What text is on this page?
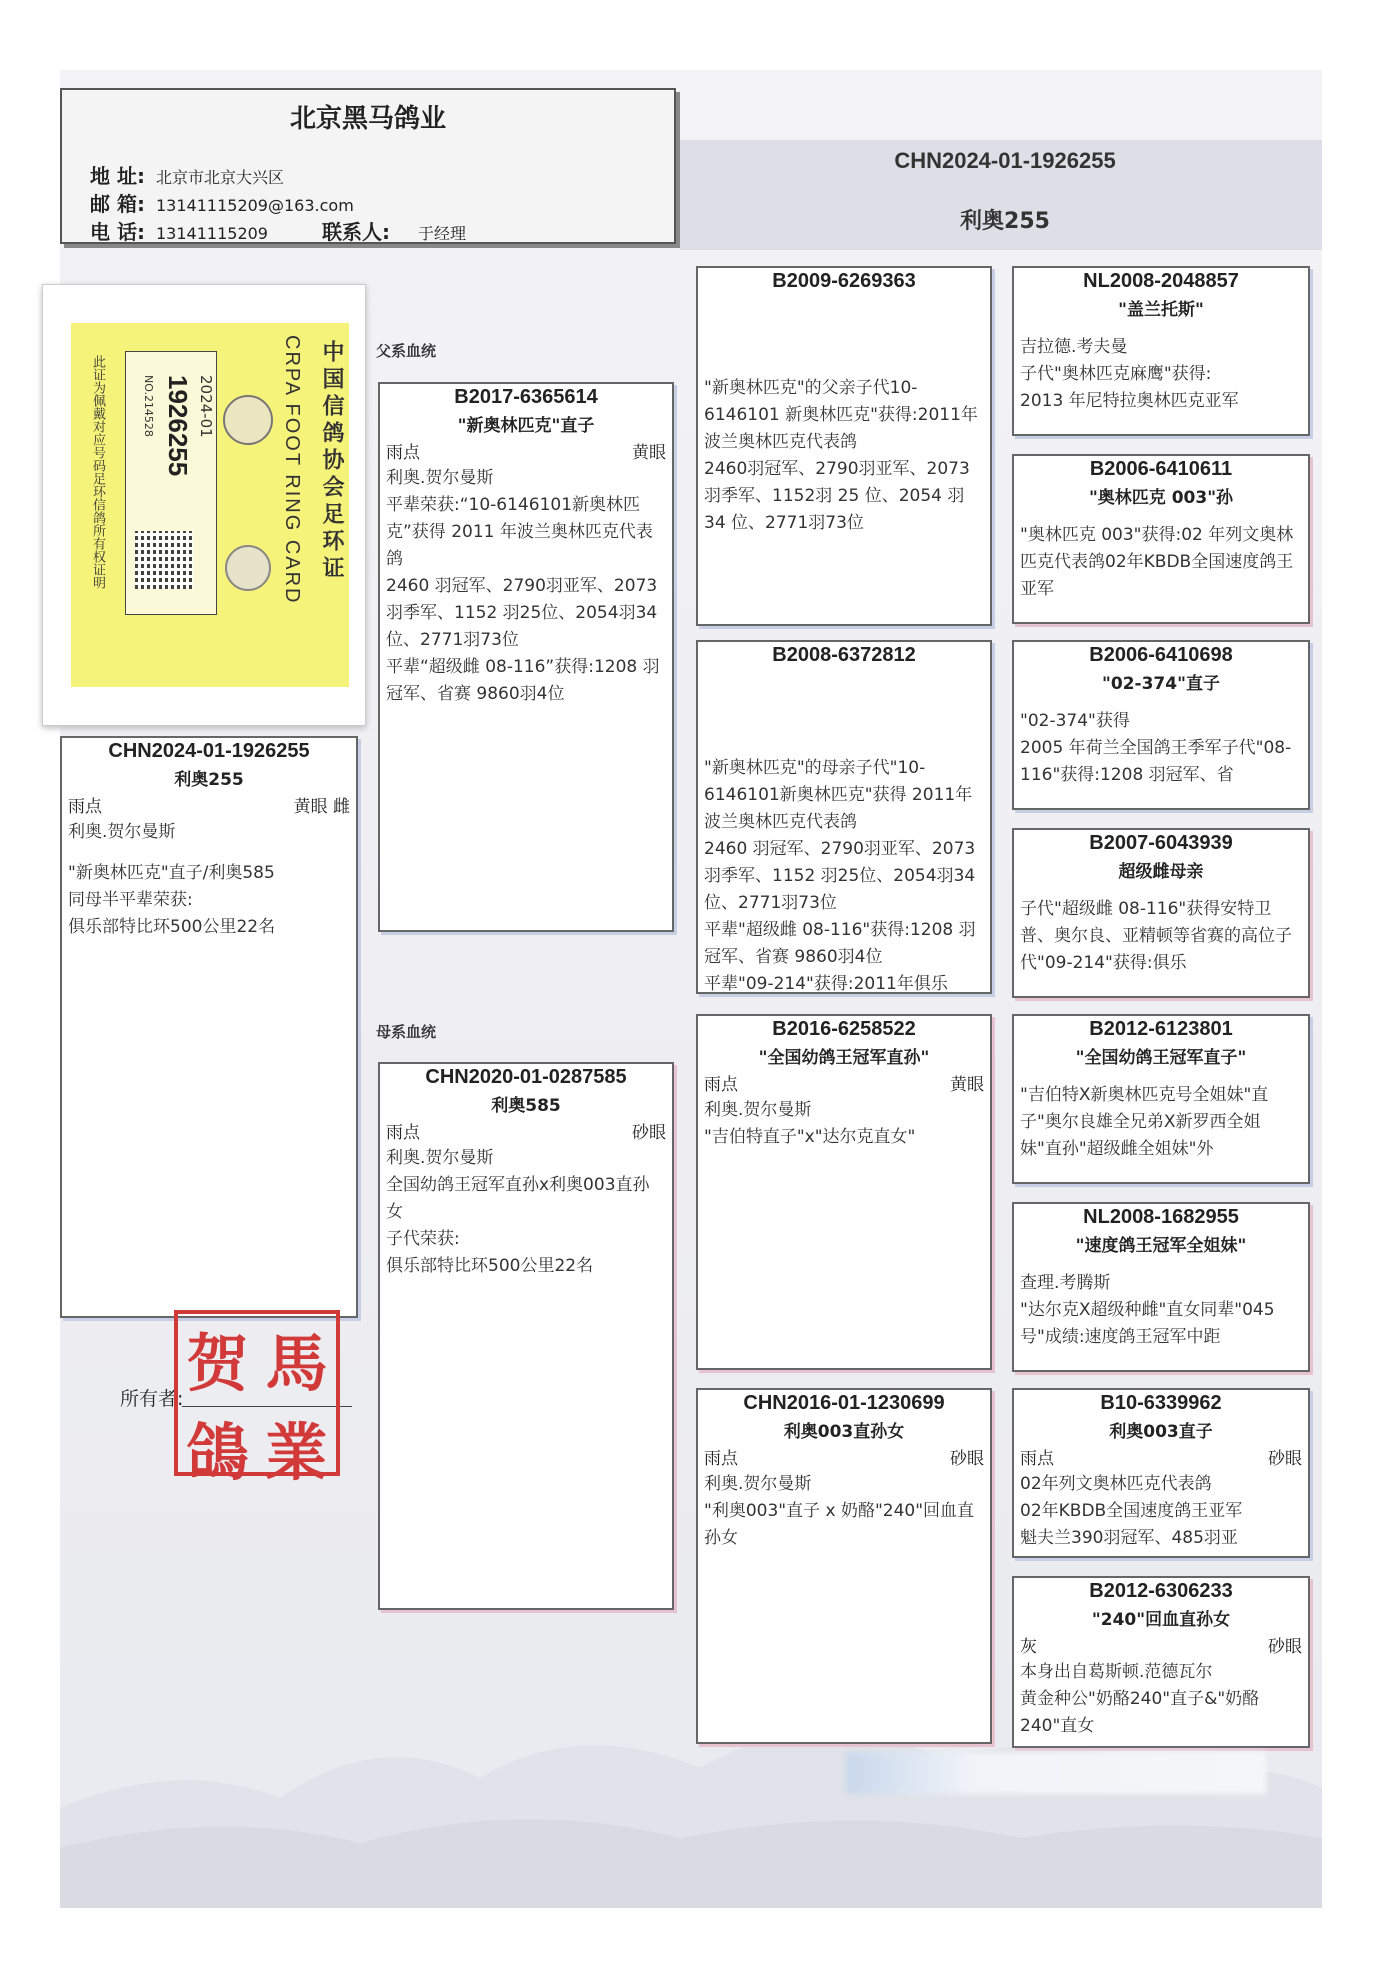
北京黑马鸽业
地 址: 北京市北京大兴区
邮 箱: 13141115209@163.com
电 话: 13141115209	联系人:	于经理
CHN2024-01-1926255
利奥255
中国信鸽协会足环证
CRPA FOOT RING CARD
此证为佩戴对应号码足环信鸽所有权证明	2024-01
1926255
NO.214528
父系血统
母系血统
CHN2024-01-1926255
利奥255
雨点	黄眼 雌
利奥.贺尔曼斯
"新奥林匹克"直子/利奥585
同母半平辈荣获:
俱乐部特比环500公里22名
B2017-6365614
"新奥林匹克"直子
雨点	黄眼
利奥.贺尔曼斯
平辈荣获:“10-6146101新奥林匹克”获得 2011 年波兰奥林匹克代表鸽
2460 羽冠军、2790羽亚军、2073 羽季军、1152 羽25位、2054羽34位、2771羽73位
平辈“超级雌 08-116”获得:1208 羽冠军、省赛 9860羽4位
CHN2020-01-0287585
利奥585
雨点	砂眼
利奥.贺尔曼斯
全国幼鸽王冠军直孙x利奥003直孙女
子代荣获:
俱乐部特比环500公里22名
B2009-6269363
"新奥林匹克"的父亲子代10-6146101 新奥林匹克"获得:2011年波兰奥林匹克代表鸽
2460羽冠军、2790羽亚军、2073 羽季军、1152羽 25 位、2054 羽 34 位、2771羽73位
B2008-6372812
"新奥林匹克"的母亲子代"10-6146101新奥林匹克"获得 2011年波兰奥林匹克代表鸽
2460 羽冠军、2790羽亚军、2073 羽季军、1152 羽25位、2054羽34位、2771羽73位
平辈"超级雌 08-116"获得:1208 羽冠军、省赛 9860羽4位
平辈"09-214"获得:2011年俱乐
B2016-6258522
"全国幼鸽王冠军直孙"
雨点	黄眼
利奥.贺尔曼斯
"吉伯特直子"x"达尔克直女"
CHN2016-01-1230699
利奥003直孙女
雨点	砂眼
利奥.贺尔曼斯
"利奥003"直子 x 奶酪"240"回血直孙女
NL2008-2048857
"盖兰托斯"
吉拉德.考夫曼
子代"奥林匹克麻鹰"获得:
2013 年尼特拉奥林匹克亚军
B2006-6410611
"奥林匹克 003"孙
"奥林匹克 003"获得:02 年列文奥林匹克代表鸽02年KBDB全国速度鸽王亚军
B2006-6410698
"02-374"直子
"02-374"获得
2005 年荷兰全国鸽王季军子代"08-116"获得:1208 羽冠军、省
B2007-6043939
超级雌母亲
子代"超级雌 08-116"获得安特卫普、奥尔良、亚精顿等省赛的高位子代"09-214"获得:俱乐
B2012-6123801
"全国幼鸽王冠军直子"
"吉伯特X新奥林匹克号全姐妹"直子"奥尔良雄全兄弟X新罗西全姐妹"直孙"超级雌全姐妹"外
NL2008-1682955
"速度鸽王冠军全姐妹"
查理.考腾斯
"达尔克X超级种雌"直女同辈"045号"成绩:速度鸽王冠军中距
B10-6339962
利奥003直子
雨点	砂眼
02年列文奥林匹克代表鸽
02年KBDB全国速度鸽王亚军
魁夫兰390羽冠军、485羽亚
B2012-6306233
"240"回血直孙女
灰	砂眼
本身出自葛斯顿.范德瓦尔
黄金种公"奶酪240"直子&"奶酪240"直女
所有者: 贺 馬
鴿 業
